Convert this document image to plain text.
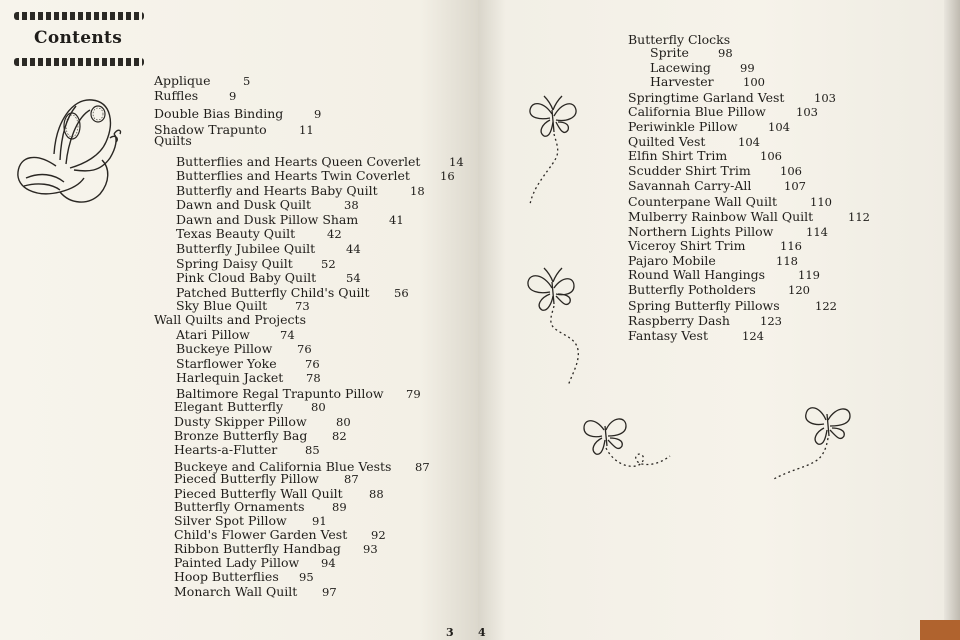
Contents
Applique	5
Ruffles	9
Double Bias Binding	9
Shadow Trapunto	11
Quilts
Butterflies and Hearts Queen Coverlet 14
Butterflies and Hearts Twin Coverlet	16
Butterfly and Hearts Baby Quilt	18
Dawn and Dusk Quilt	38
Dawn and Dusk Pillow Sham	41
Texas Beauty Quilt	42
Butterfly Jubilee Quilt	44
Spring Daisy Quilt 52
Pink Cloud Baby Quilt	54
Patched Butterfly Child's Quilt 56
Sky Blue Quilt 73
Wall Quilts and Projects
Atari Pillow	74
Buckeye Pillow 76
Starflower Yoke 76
Harlequin Jacket 78
Baltimore Regal Trapunto Pillow 79
Elegant Butterfly 80
Dusty Skipper Pillow	80
Bronze Butterfly Bag 82
Hearts-a-Flutter 85
Buckeye and California Blue Vests 87
Pieced Butterfly Pillow 87
Pieced Butterfly Wall Quilt 88
Butterfly Ornaments 89
Silver Spot Pillow 91
Child's Flower Garden Vest 92
Ribbon Butterfly Handbag 93
Painted Lady Pillow 94
Hoop Butterflies 95
Monarch Wall Quilt 97
3
Butterfly Clocks
Sprite	98
Lacewing	99
Harvester	100
Springtime Garland Vest	103
California Blue Pillow	103
Periwinkle Pillow	104
Quilted Vest	104
Elfin Shirt Trim	106
Scudder Shirt Trim	106
Savannah Carry-All	107
Counterpane Wall Quilt	110
Mulberry Rainbow Wall Quilt	112
Northern Lights Pillow	114
Viceroy Shirt Trim	116
Pajaro Mobile	118
Round Wall Hangings	119
Butterfly Potholders	120
Spring Butterfly Pillows	122
Raspberry Dash	123
Fantasy Vest	124
4
